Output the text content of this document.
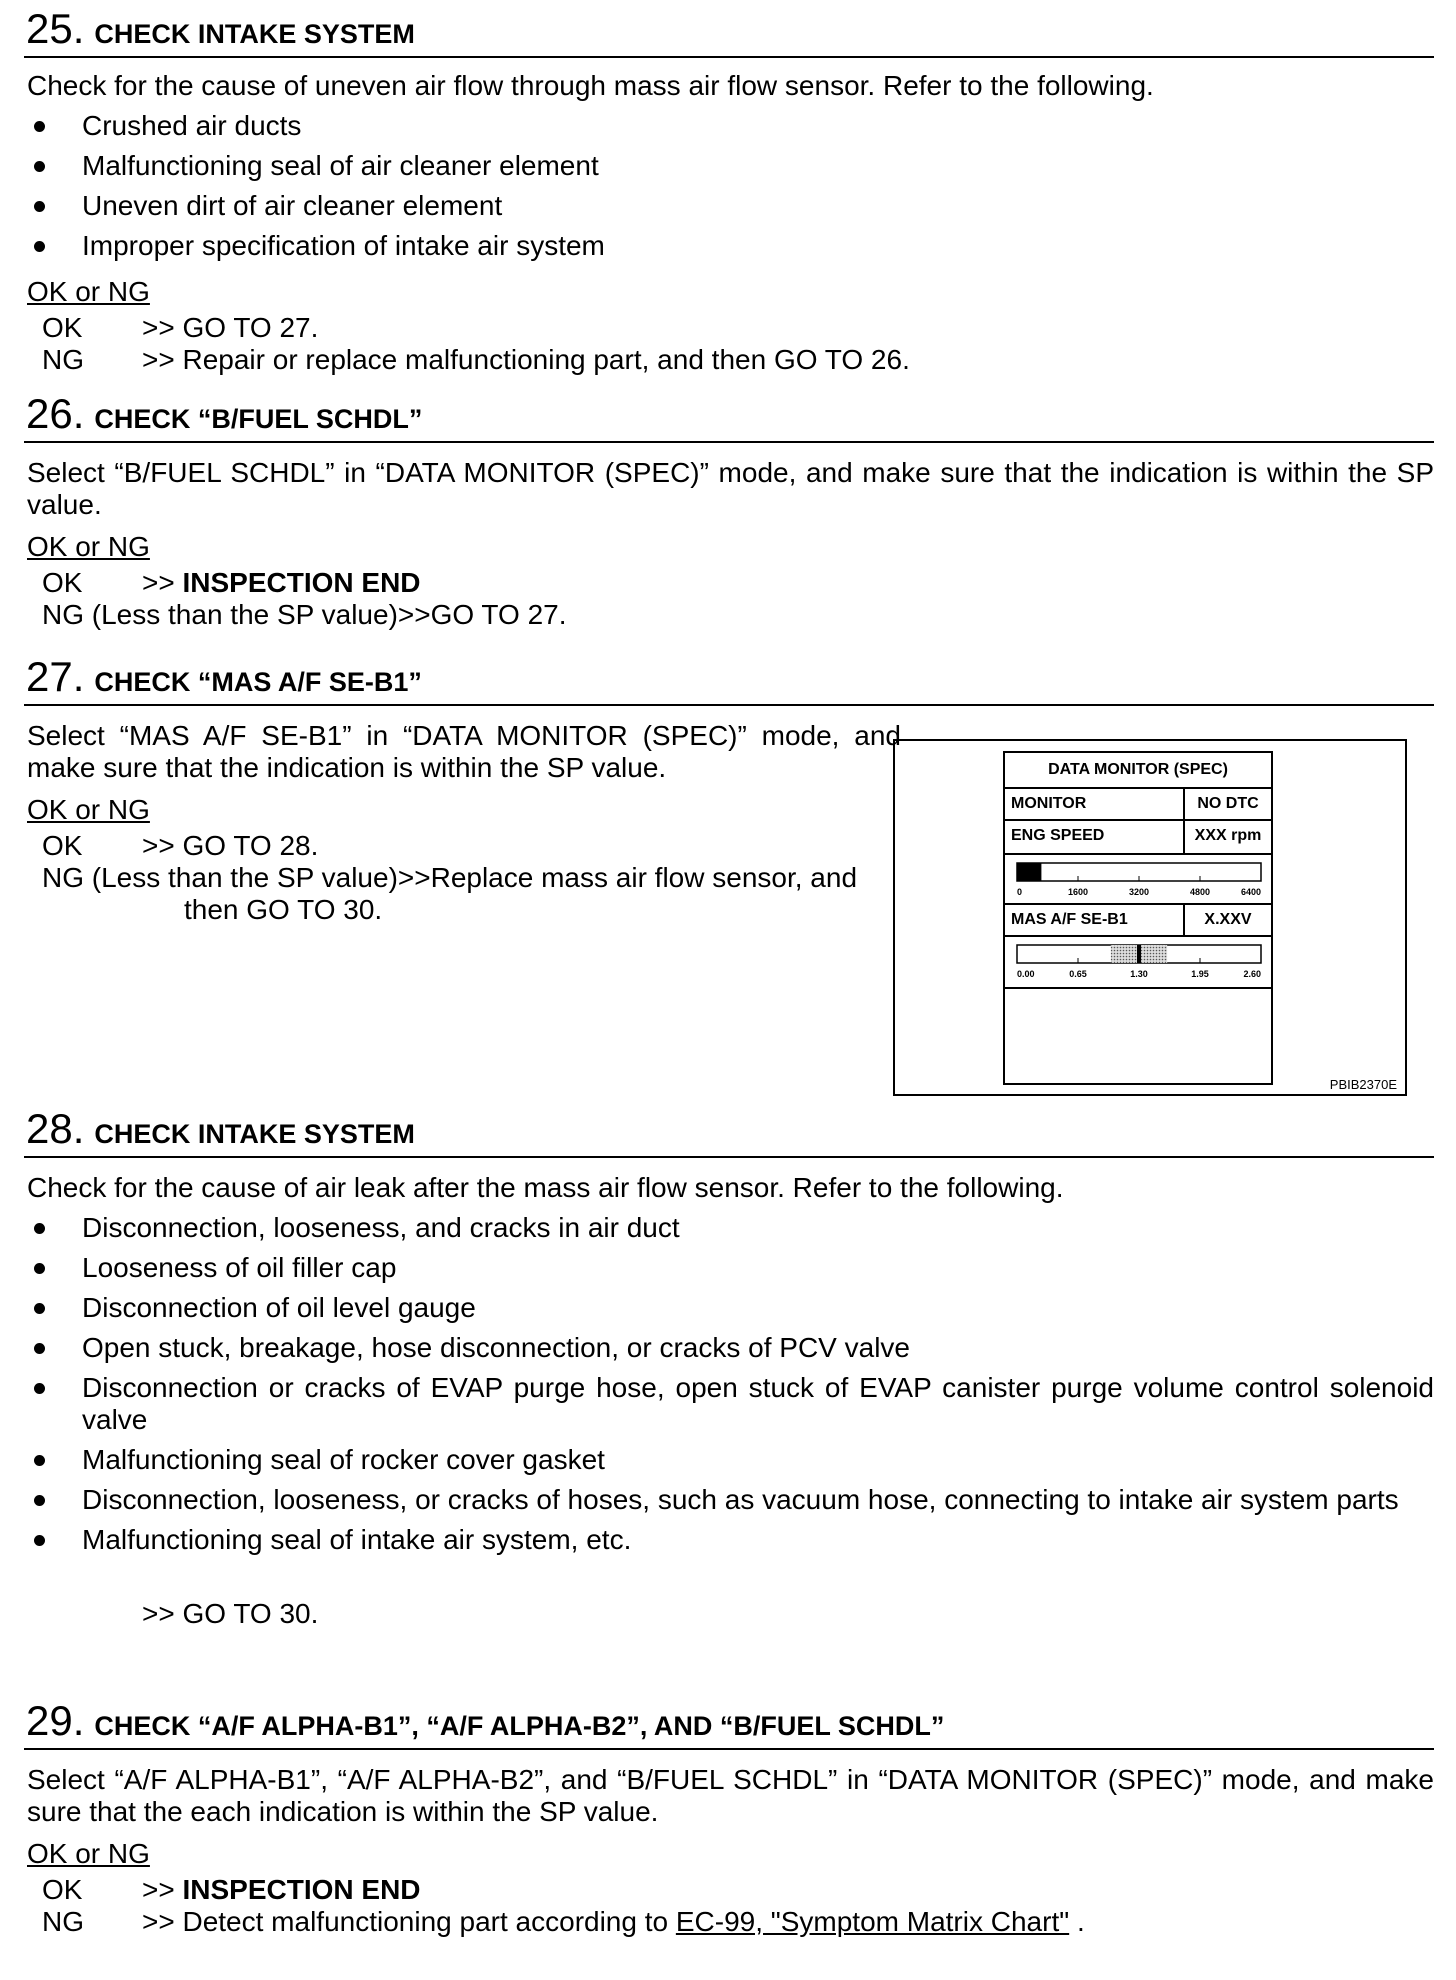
25. CHECK INTAKE SYSTEM
Check for the cause of uneven air flow through mass air flow sensor. Refer to the following.
Crushed air ducts
Malfunctioning seal of air cleaner element
Uneven dirt of air cleaner element
Improper specification of intake air system
OK or NG
OK	>> GO TO 27.
NG	>> Repair or replace malfunctioning part, and then GO TO 26.
26. CHECK “B/FUEL SCHDL”
Select “B/FUEL SCHDL” in “DATA MONITOR (SPEC)” mode, and make sure that the indication is within the SP value.
OK or NG
OK	>> INSPECTION END
NG (Less than the SP value)>>GO TO 27.
27. CHECK “MAS A/F SE-B1”
Select “MAS A/F SE-B1” in “DATA MONITOR (SPEC)” mode, and make sure that the indication is within the SP value.
OK or NG
OK	>> GO TO 28.
NG (Less than the SP value)>>Replace mass air flow sensor, and
then GO TO 30.
DATA MONITOR (SPEC)
MONITOR	NO DTC
ENG SPEED	XXX rpm
0	1600	3200	4800	6400
MAS A/F SE-B1	X.XXV
0.00	0.65	1.30	1.95	2.60
PBIB2370E
28. CHECK INTAKE SYSTEM
Check for the cause of air leak after the mass air flow sensor. Refer to the following.
Disconnection, looseness, and cracks in air duct
Looseness of oil filler cap
Disconnection of oil level gauge
Open stuck, breakage, hose disconnection, or cracks of PCV valve
Disconnection or cracks of EVAP purge hose, open stuck of EVAP canister purge volume control solenoid valve
Malfunctioning seal of rocker cover gasket
Disconnection, looseness, or cracks of hoses, such as vacuum hose, connecting to intake air system parts
Malfunctioning seal of intake air system, etc.
>> GO TO 30.
29. CHECK “A/F ALPHA-B1”, “A/F ALPHA-B2”, AND “B/FUEL SCHDL”
Select “A/F ALPHA-B1”, “A/F ALPHA-B2”, and “B/FUEL SCHDL” in “DATA MONITOR (SPEC)” mode, and make sure that the each indication is within the SP value.
OK or NG
OK	>> INSPECTION END
NG	>> Detect malfunctioning part according to EC-99, "Symptom Matrix Chart" .
